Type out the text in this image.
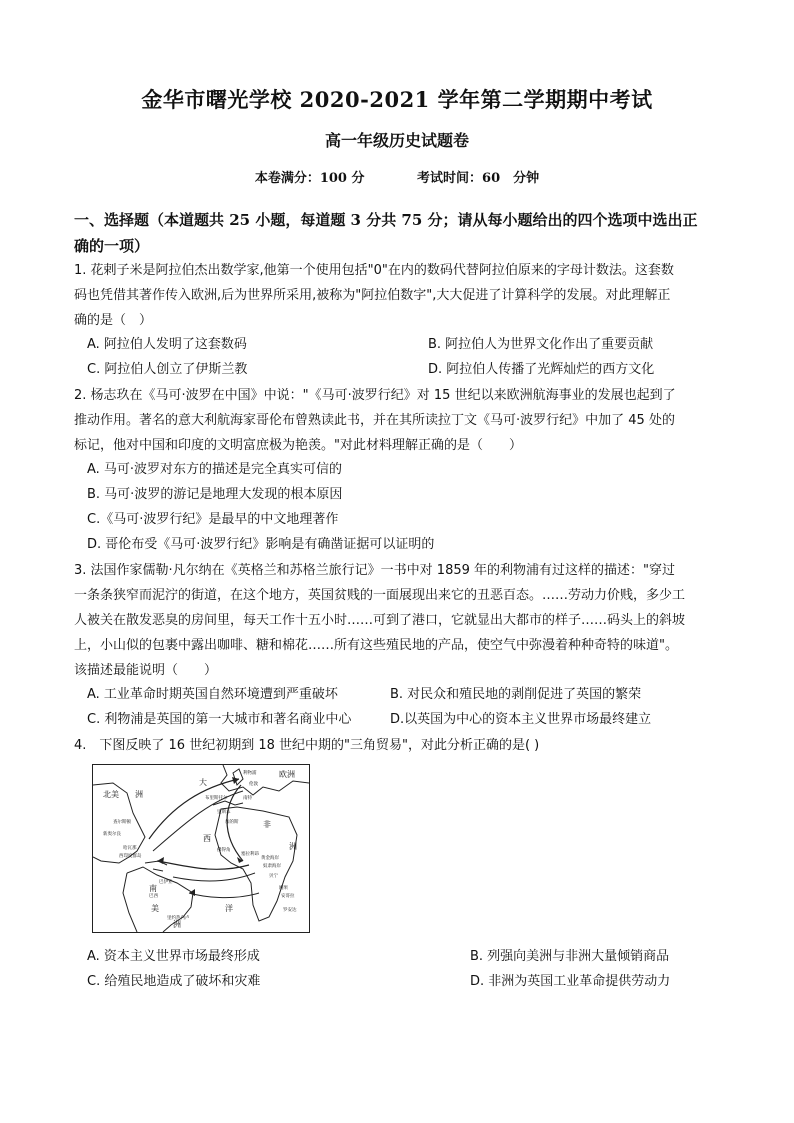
金华市曙光学校 2020-2021 学年第二学期期中考试
高一年级历史试题卷
本卷满分：100 分	考试时间：60　分钟
一、选择题（本道题共 25 小题，每道题 3 分共 75 分；请从每小题给出的四个选项中选出正
确的一项）
1. 花剌子米是阿拉伯杰出数学家,他第一个使用包括"0"在内的数码代替阿拉伯原来的字母计数法。这套数
码也凭借其著作传入欧洲,后为世界所采用,被称为"阿拉伯数字",大大促进了计算科学的发展。对此理解正
确的是（　）
A. 阿拉伯人发明了这套数码	B. 阿拉伯人为世界文化作出了重要贡献
C. 阿拉伯人创立了伊斯兰教	D. 阿拉伯人传播了光辉灿烂的西方文化
2. 杨志玖在《马可·波罗在中国》中说："《马可·波罗行纪》对 15 世纪以来欧洲航海事业的发展也起到了
推动作用。著名的意大利航海家哥伦布曾熟读此书，并在其所读拉丁文《马可·波罗行纪》中加了 45 处的
标记，他对中国和印度的文明富庶极为艳羡。"对此材料理解正确的是（　　）
A. 马可·波罗对东方的描述是完全真实可信的
B. 马可·波罗的游记是地理大发现的根本原因
C.《马可·波罗行纪》是最早的中文地理著作
D. 哥伦布受《马可·波罗行纪》影响是有确凿证据可以证明的
3. 法国作家儒勒·凡尔纳在《英格兰和苏格兰旅行记》一书中对 1859 年的利物浦有过这样的描述："穿过
一条条狭窄而泥泞的街道，在这个地方，英国贫贱的一面展现出来它的丑恶百态。……劳动力价贱，多少工
人被关在散发恶臭的房间里，每天工作十五小时……可到了港口，它就显出大都市的样子……码头上的斜坡
上，小山似的包裹中露出咖啡、糖和棉花……所有这些殖民地的产品，使空气中弥漫着种种奇特的味道"。
该描述最能说明（　　）
A. 工业革命时期英国自然环境遭到严重破坏	B. 对民众和殖民地的剥削促进了英国的繁荣
C. 利物浦是英国的第一大城市和著名商业中心	D.以英国为中心的资本主义世界市场最终建立
4.　下图反映了 16 世纪初期到 18 世纪中期的"三角贸易"，对此分析正确的是( )
北美 洲
大
欧洲
西
非
洲
南
美
洲
洋
利物浦
布里斯托尔
伦敦
里斯本
南特
加的斯
查尔斯顿
新奥尔良
哈瓦那
西印度群岛
佛得角
黄金海岸
奴隶海岸
贝宁
刚果
安哥拉
巴西
巴伊亚
里约热内卢
塞拉利昂
罗安达
A. 资本主义世界市场最终形成	B. 列强向美洲与非洲大量倾销商品
C. 给殖民地造成了破坏和灾难	D. 非洲为英国工业革命提供劳动力
